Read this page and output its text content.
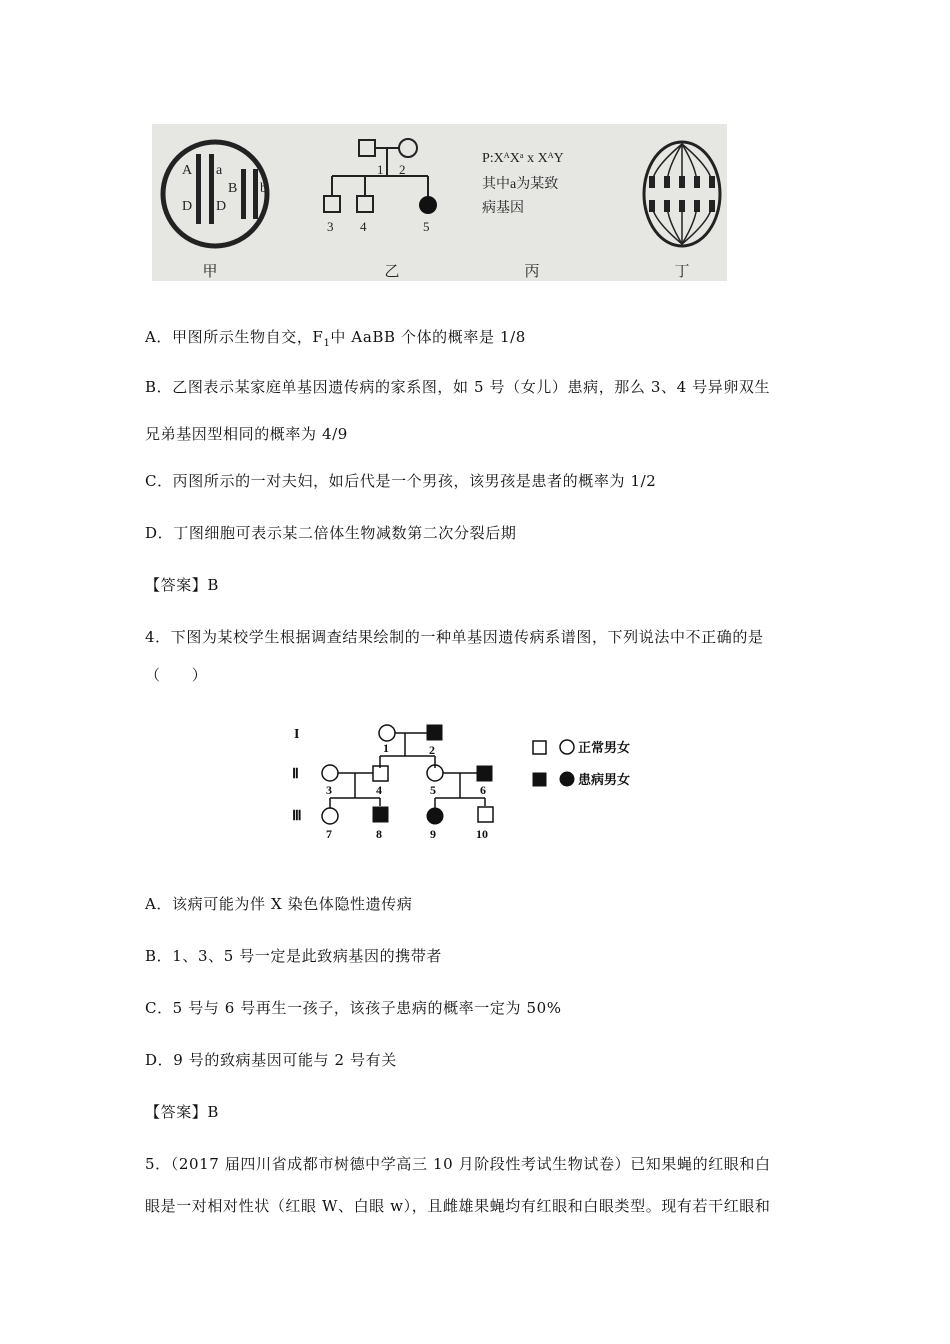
A a
D D
B b
甲
1 2
3 4	5
乙
P:XᴬXᵃ x XᴬY
其中a为某致
病基因
丙	丁
A．甲图所示生物自交，$F_1$中 AaBB 个体的概率是 1/8
B．乙图表示某家庭单基因遗传病的家系图，如 5 号（女儿）患病，那么 3、4 号异卵双生
兄弟基因型相同的概率为 4/9
C．丙图所示的一对夫妇，如后代是一个男孩，该男孩是患者的概率为 1/2
D．丁图细胞可表示某二倍体生物减数第二次分裂后期
【答案】B
4．下图为某校学生根据调查结果绘制的一种单基因遗传病系谱图，下列说法中不正确的是
（　　）
I
Ⅱ
Ⅲ
1	2
3	4	5	6
7	8	9	10
正常男女
患病男女
A．该病可能为伴 X 染色体隐性遗传病
B．1、3、5 号一定是此致病基因的携带者
C．5 号与 6 号再生一孩子，该孩子患病的概率一定为 50%
D．9 号的致病基因可能与 2 号有关
【答案】B
5．（2017 届四川省成都市树德中学高三 10 月阶段性考试生物试卷）已知果蝇的红眼和白
眼是一对相对性状（红眼 W、白眼 w），且雌雄果蝇均有红眼和白眼类型。现有若干红眼和
